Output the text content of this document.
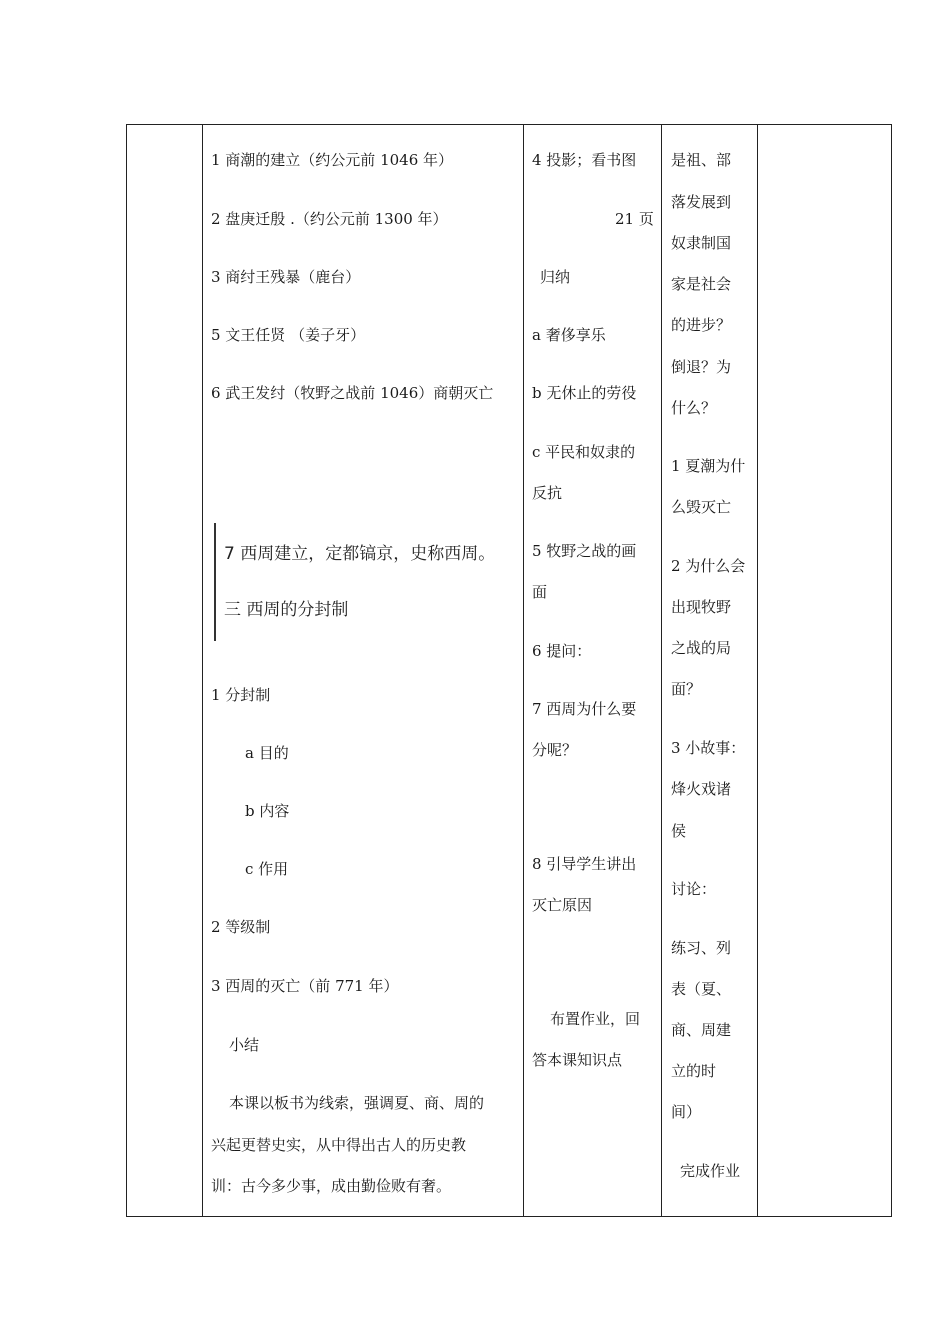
1 商潮的建立（约公元前 1046 年）
2 盘庚迁殷 .（约公元前 1300 年）
3 商纣王残暴（鹿台）
5 文王任贤 （姜子牙）
6 武王发纣（牧野之战前 1046）商朝灭亡
7 西周建立，定都镐京，史称西周。
三 西周的分封制
1 分封制
a 目的
b 内容
c 作用
2 等级制
3 西周的灭亡（前 771 年）
小结
本课以板书为线索，强调夏、商、周的
兴起更替史实，从中得出古人的历史教
训：古今多少事，成由勤俭败有奢。
4 投影；看书图
21 页
归纳
a 奢侈享乐
b 无休止的劳役
c 平民和奴隶的
反抗
5 牧野之战的画
面
6 提问：
7 西周为什么要
分呢？
8 引导学生讲出
灭亡原因
布置作业，回
答本课知识点
是祖、部
落发展到
奴隶制国
家是社会
的进步？
倒退？为
什么？
1 夏潮为什
么毁灭亡
2 为什么会
出现牧野
之战的局
面？
3 小故事：
烽火戏诸
侯
讨论：
练习、列
表（夏、
商、周建
立的时
间）
完成作业
